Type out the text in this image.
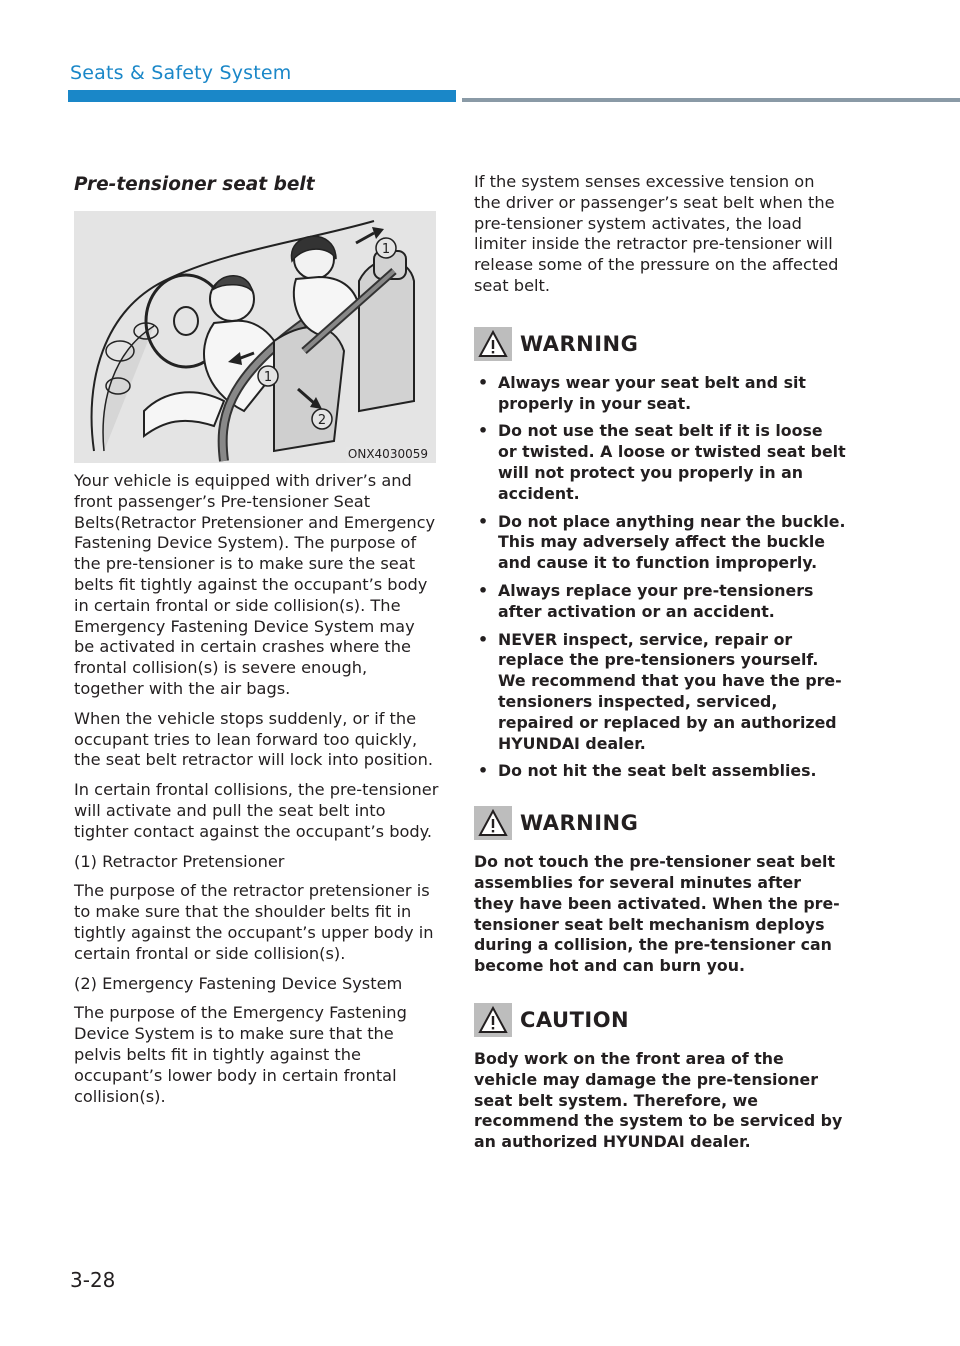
Seats & Safety System
Pre-tensioner seat belt
1
1
2
ONX4030059

Your vehicle is equipped with driver’s and front passenger’s Pre-tensioner Seat Belts(Retractor Pretensioner and Emergency Fastening Device System). The purpose of the pre-tensioner is to make sure the seat belts fit tightly against the occupant’s body in certain frontal or side collision(s). The Emergency Fastening Device System may be activated in certain crashes where the frontal collision(s) is severe enough, together with the air bags.

When the vehicle stops suddenly, or if the occupant tries to lean forward too quickly, the seat belt retractor will lock into position.

In certain frontal collisions, the pre-tensioner will activate and pull the seat belt into tighter contact against the occupant’s body.

(1) Retractor Pretensioner

The purpose of the retractor pretensioner is to make sure that the shoulder belts fit in tightly against the occupant’s upper body in certain frontal or side collision(s).

(2) Emergency Fastening Device System

The purpose of the Emergency Fastening Device System is to make sure that the pelvis belts fit in tightly against the occupant’s lower body in certain frontal collision(s).

If the system senses excessive tension on the driver or passenger’s seat belt when the pre-tensioner system activates, the load limiter inside the retractor pre-tensioner will release some of the pressure on the affected seat belt.

WARNING
• Always wear your seat belt and sit properly in your seat.
• Do not use the seat belt if it is loose or twisted. A loose or twisted seat belt will not protect you properly in an accident.
• Do not place anything near the buckle. This may adversely affect the buckle and cause it to function improperly.
• Always replace your pre-tensioners after activation or an accident.
• NEVER inspect, service, repair or replace the pre-tensioners yourself. We recommend that you have the pre-tensioners inspected, serviced, repaired or replaced by an authorized HYUNDAI dealer.
• Do not hit the seat belt assemblies.
WARNING

Do not touch the pre-tensioner seat belt assemblies for several minutes after they have been activated. When the pre-tensioner seat belt mechanism deploys during a collision, the pre-tensioner can become hot and can burn you.

CAUTION

Body work on the front area of the vehicle may damage the pre-tensioner seat belt system. Therefore, we recommend the system to be serviced by an authorized HYUNDAI dealer.

3-28
